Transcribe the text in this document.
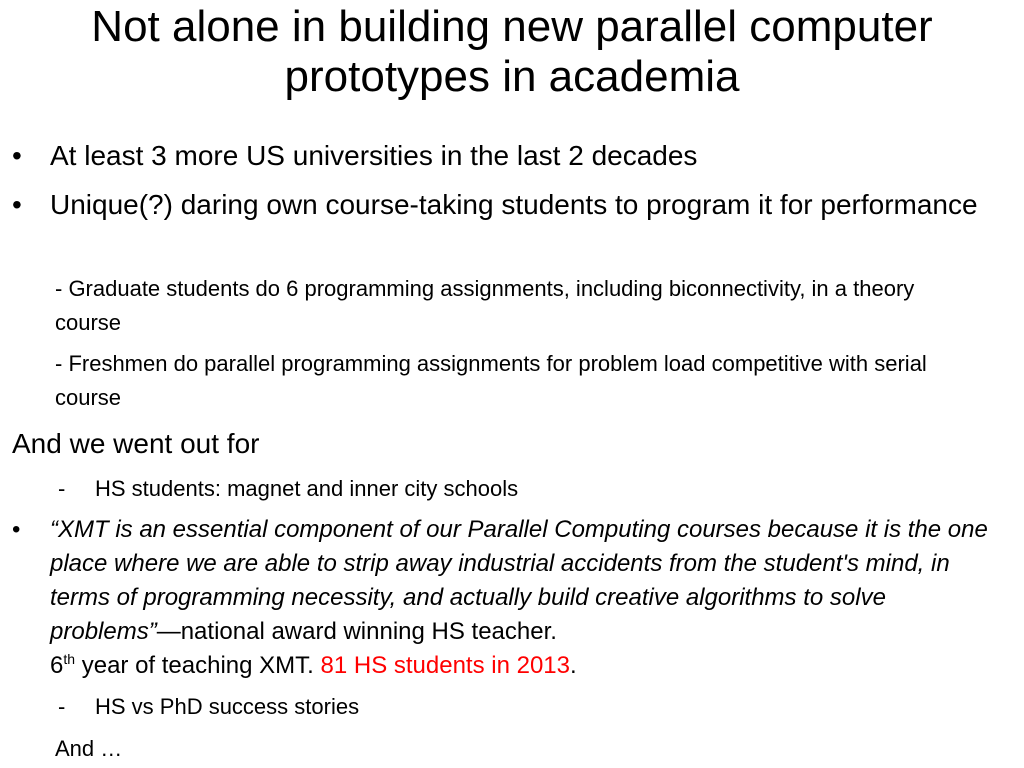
Not alone in building new parallel computer
prototypes in academia
•	At least 3 more US universities in the last 2 decades
•	Unique(?) daring own course-taking students to program it for performance
- Graduate students do 6 programming assignments, including biconnectivity, in a theory course
- Freshmen do parallel programming assignments for problem load competitive with serial course
And we went out for
- HS students: magnet and inner city schools
• “XMT is an essential component of our Parallel Computing courses because it is the one place where we are able to strip away industrial accidents from the student's mind, in terms of programming necessity, and actually build creative algorithms to solve problems”—national award winning HS teacher.
6th year of teaching XMT. 81 HS students in 2013.
- HS vs PhD success stories
And …
